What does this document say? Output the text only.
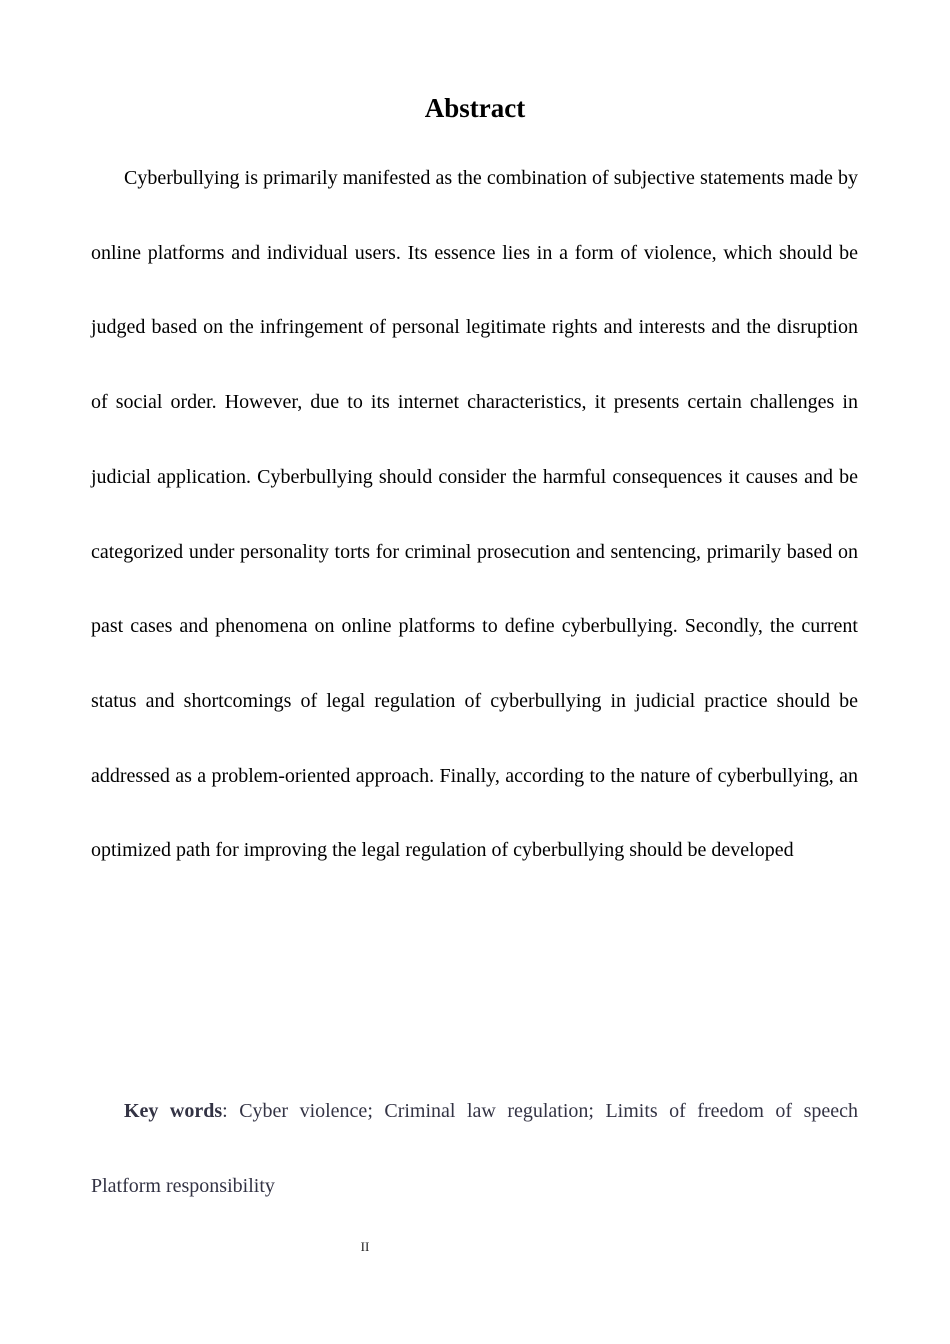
Abstract

Cyberbullying is primarily manifested as the combination of subjective statements made by online platforms and individual users. Its essence lies in a form of violence, which should be judged based on the infringement of personal legitimate rights and interests and the disruption of social order. However, due to its internet characteristics, it presents certain challenges in judicial application. Cyberbullying should consider the harmful consequences it causes and be categorized under personality torts for criminal prosecution and sentencing, primarily based on past cases and phenomena on online platforms to define cyberbullying. Secondly, the current status and shortcomings of legal regulation of cyberbullying in judicial practice should be addressed as a problem-oriented approach. Finally, according to the nature of cyberbullying, an optimized path for improving the legal regulation of cyberbullying should be developed

Key words: Cyber violence; Criminal law regulation; Limits of freedom of speech Platform responsibility

II
